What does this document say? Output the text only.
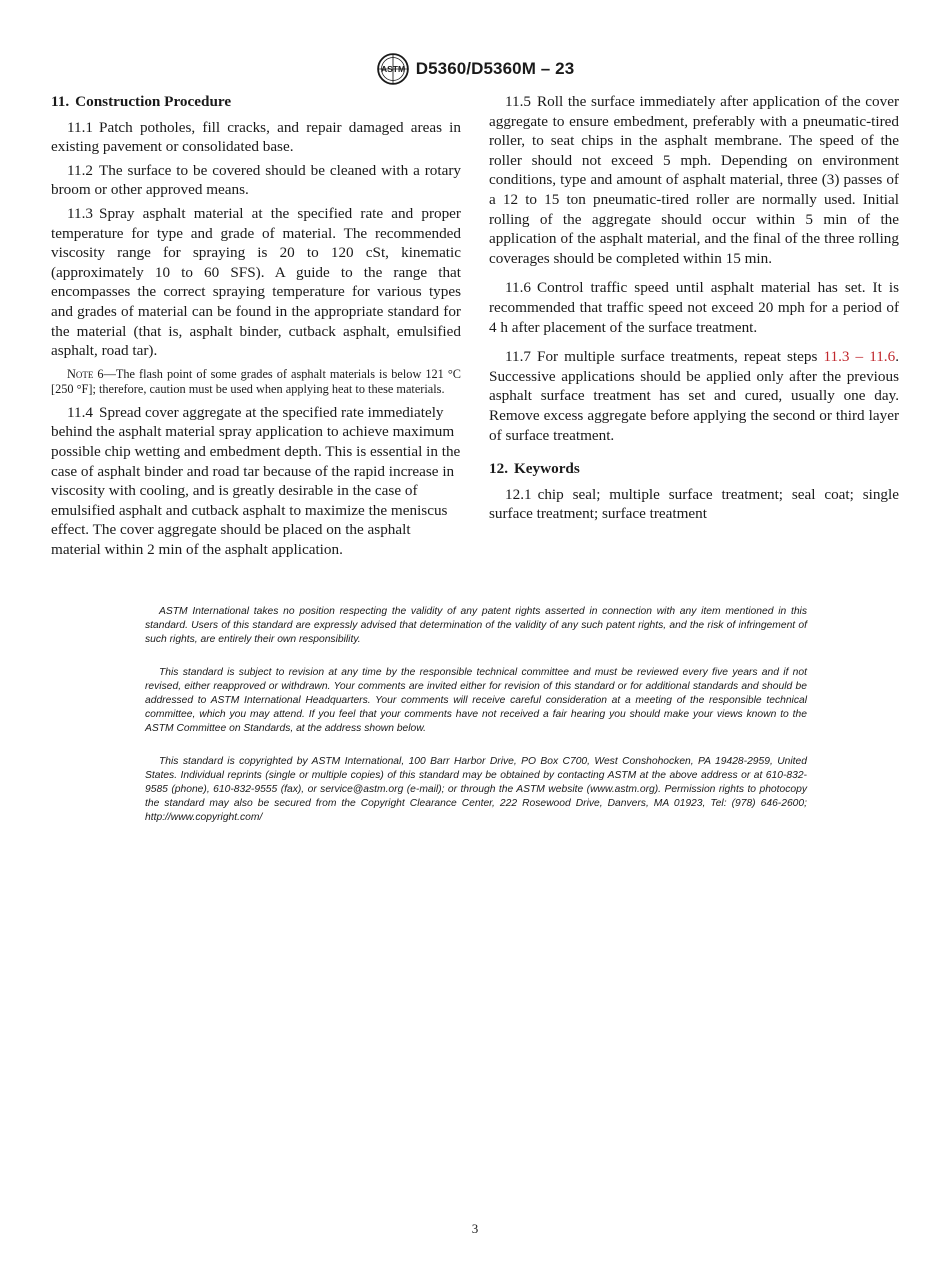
ASTM D5360/D5360M – 23

11. Construction Procedure

11.1 Patch potholes, fill cracks, and repair damaged areas in existing pavement or consolidated base.

11.2 The surface to be covered should be cleaned with a rotary broom or other approved means.

11.3 Spray asphalt material at the specified rate and proper temperature for type and grade of material. The recommended viscosity range for spraying is 20 to 120 cSt, kinematic (approximately 10 to 60 SFS). A guide to the range that encompasses the correct spraying temperature for various types and grades of material can be found in the appropriate standard for the material (that is, asphalt binder, cutback asphalt, emulsified asphalt, road tar).

Note 6—The flash point of some grades of asphalt materials is below 121 °C [250 °F]; therefore, caution must be used when applying heat to these materials.

11.4 Spread cover aggregate at the specified rate immediately behind the asphalt material spray application to achieve maximum possible chip wetting and embedment depth. This is essential in the case of asphalt binder and road tar because of the rapid increase in viscosity with cooling, and is greatly desirable in the case of emulsified asphalt and cutback asphalt to maximize the meniscus effect. The cover aggregate should be placed on the asphalt material within 2 min of the asphalt application.

11.5 Roll the surface immediately after application of the cover aggregate to ensure embedment, preferably with a pneumatic-tired roller, to seat chips in the asphalt membrane. The speed of the roller should not exceed 5 mph. Depending on environment conditions, type and amount of asphalt material, three (3) passes of a 12 to 15 ton pneumatic-tired roller are normally used. Initial rolling of the aggregate should occur within 5 min of the application of the asphalt material, and the final of the three rolling coverages should be completed within 15 min.

11.6 Control traffic speed until asphalt material has set. It is recommended that traffic speed not exceed 20 mph for a period of 4 h after placement of the surface treatment.

11.7 For multiple surface treatments, repeat steps 11.3 – 11.6. Successive applications should be applied only after the previous asphalt surface treatment has set and cured, usually one day. Remove excess aggregate before applying the second or third layer of surface treatment.

12. Keywords

12.1 chip seal; multiple surface treatment; seal coat; single surface treatment; surface treatment

ASTM International takes no position respecting the validity of any patent rights asserted in connection with any item mentioned in this standard. Users of this standard are expressly advised that determination of the validity of any such patent rights, and the risk of infringement of such rights, are entirely their own responsibility.

This standard is subject to revision at any time by the responsible technical committee and must be reviewed every five years and if not revised, either reapproved or withdrawn. Your comments are invited either for revision of this standard or for additional standards and should be addressed to ASTM International Headquarters. Your comments will receive careful consideration at a meeting of the responsible technical committee, which you may attend. If you feel that your comments have not received a fair hearing you should make your views known to the ASTM Committee on Standards, at the address shown below.

This standard is copyrighted by ASTM International, 100 Barr Harbor Drive, PO Box C700, West Conshohocken, PA 19428-2959, United States. Individual reprints (single or multiple copies) of this standard may be obtained by contacting ASTM at the above address or at 610-832-9585 (phone), 610-832-9555 (fax), or service@astm.org (e-mail); or through the ASTM website (www.astm.org). Permission rights to photocopy the standard may also be secured from the Copyright Clearance Center, 222 Rosewood Drive, Danvers, MA 01923, Tel: (978) 646-2600; http://www.copyright.com/

3
